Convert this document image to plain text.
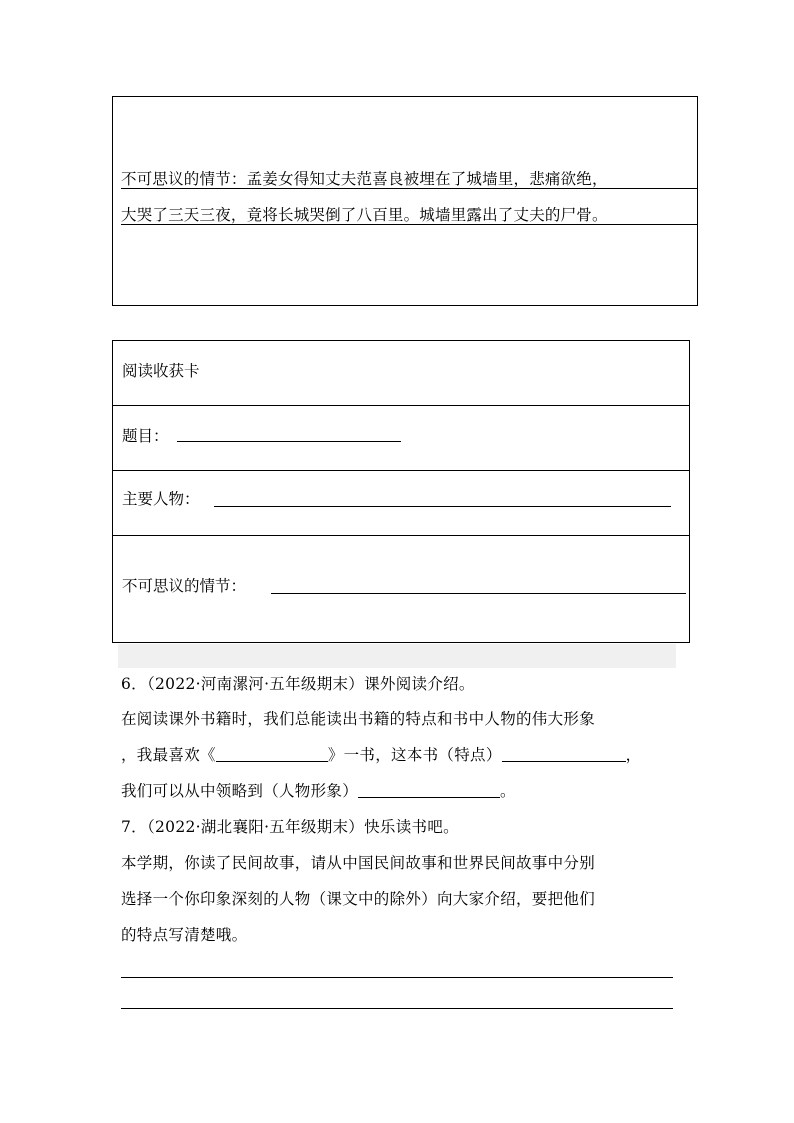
不可思议的情节：孟姜女得知丈夫范喜良被埋在了城墙里，悲痛欲绝，
大哭了三天三夜，竟将长城哭倒了八百里。城墙里露出了丈夫的尸骨。
阅读收获卡
题目：
主要人物：
不可思议的情节：
6．（2022·河南漯河·五年级期末）课外阅读介绍。
在阅读课外书籍时，我们总能读出书籍的特点和书中人物的伟大形象
，我最喜欢《	》一书，这本书（特点）	，
我们可以从中领略到（人物形象）	。
7．（2022·湖北襄阳·五年级期末）快乐读书吧。
本学期，你读了民间故事，请从中国民间故事和世界民间故事中分别
选择一个你印象深刻的人物（课文中的除外）向大家介绍，要把他们
的特点写清楚哦。
